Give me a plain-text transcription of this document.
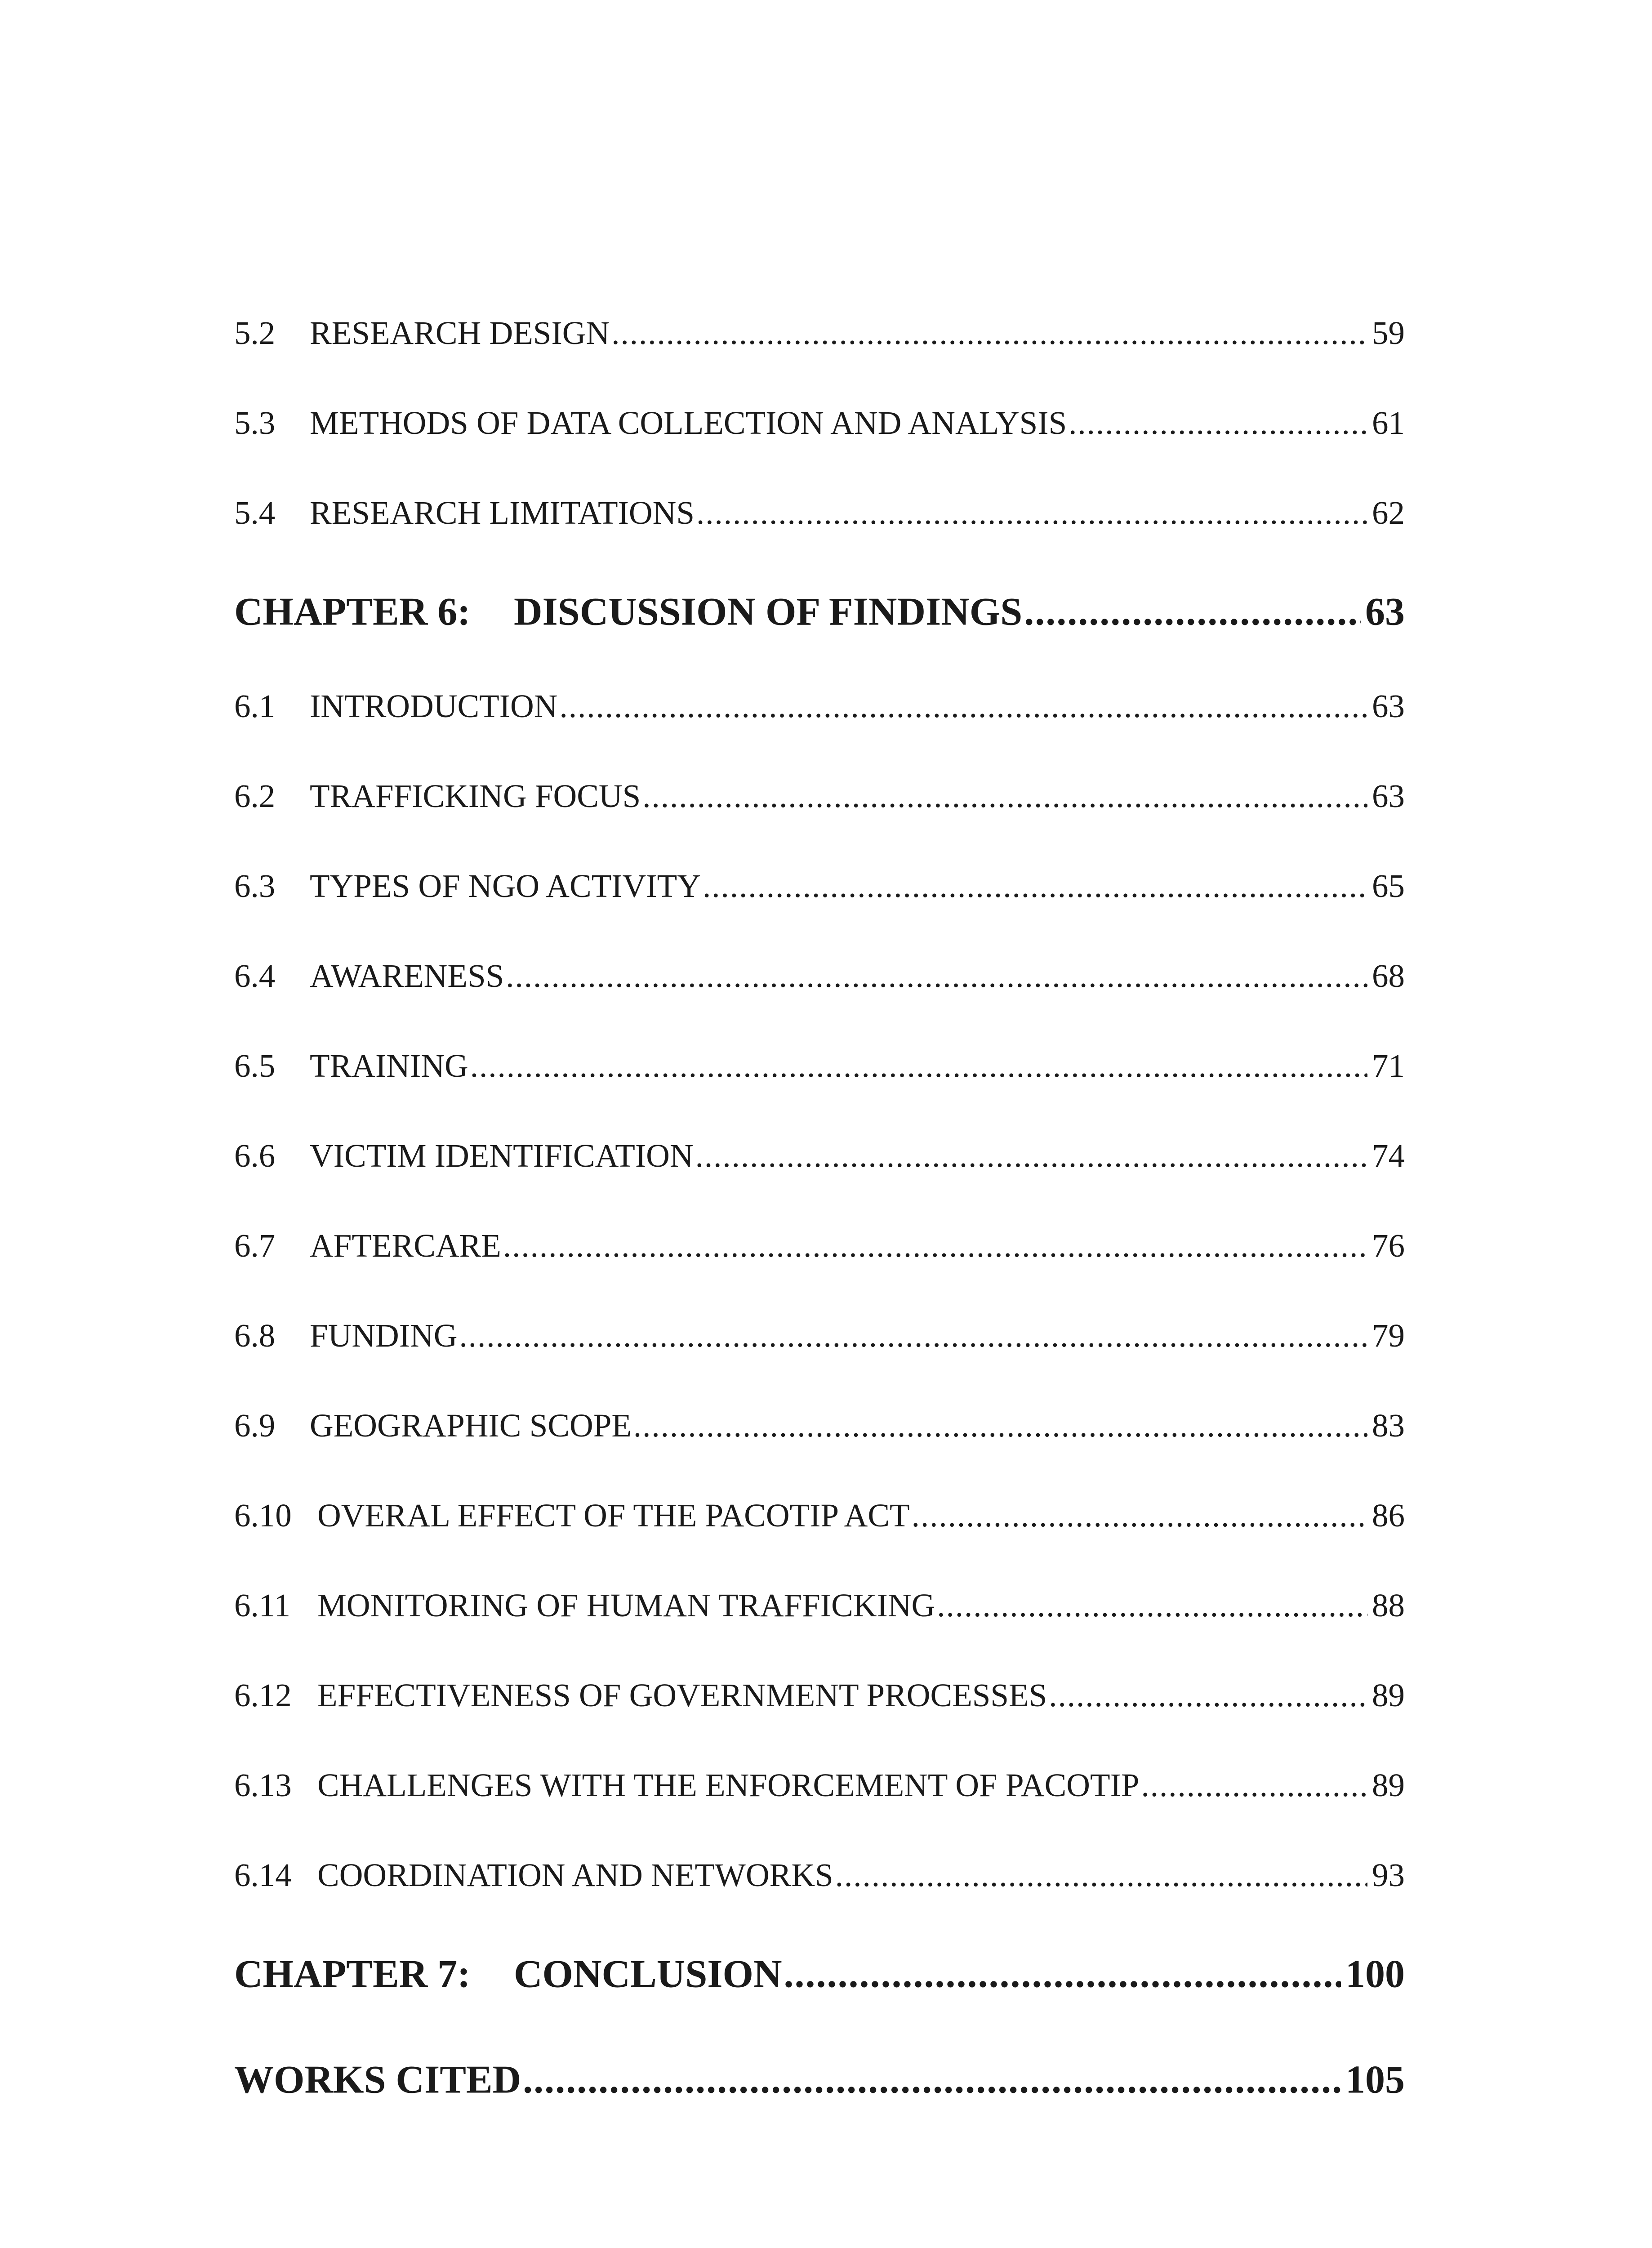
5.2	RESEARCH DESIGN .....	59
5.3	METHODS OF DATA COLLECTION AND ANALYSIS .....	61
5.4	RESEARCH LIMITATIONS .....	62
CHAPTER 6:	DISCUSSION OF FINDINGS .....	63
6.1	INTRODUCTION .....	63
6.2	TRAFFICKING FOCUS .....	63
6.3	TYPES OF NGO ACTIVITY .....	65
6.4	AWARENESS .....	68
6.5	TRAINING .....	71
6.6	VICTIM IDENTIFICATION .....	74
6.7	AFTERCARE .....	76
6.8	FUNDING .....	79
6.9	GEOGRAPHIC SCOPE .....	83
6.10 OVERAL EFFECT OF THE PACOTIP ACT .....	86
6.11 MONITORING OF HUMAN TRAFFICKING .....	88
6.12 EFFECTIVENESS OF GOVERNMENT PROCESSES .....	89
6.13 CHALLENGES WITH THE ENFORCEMENT OF PACOTIP .....	89
6.14 COORDINATION AND NETWORKS .....	93
CHAPTER 7:	CONCLUSION .....	100
WORKS CITED .....	105
